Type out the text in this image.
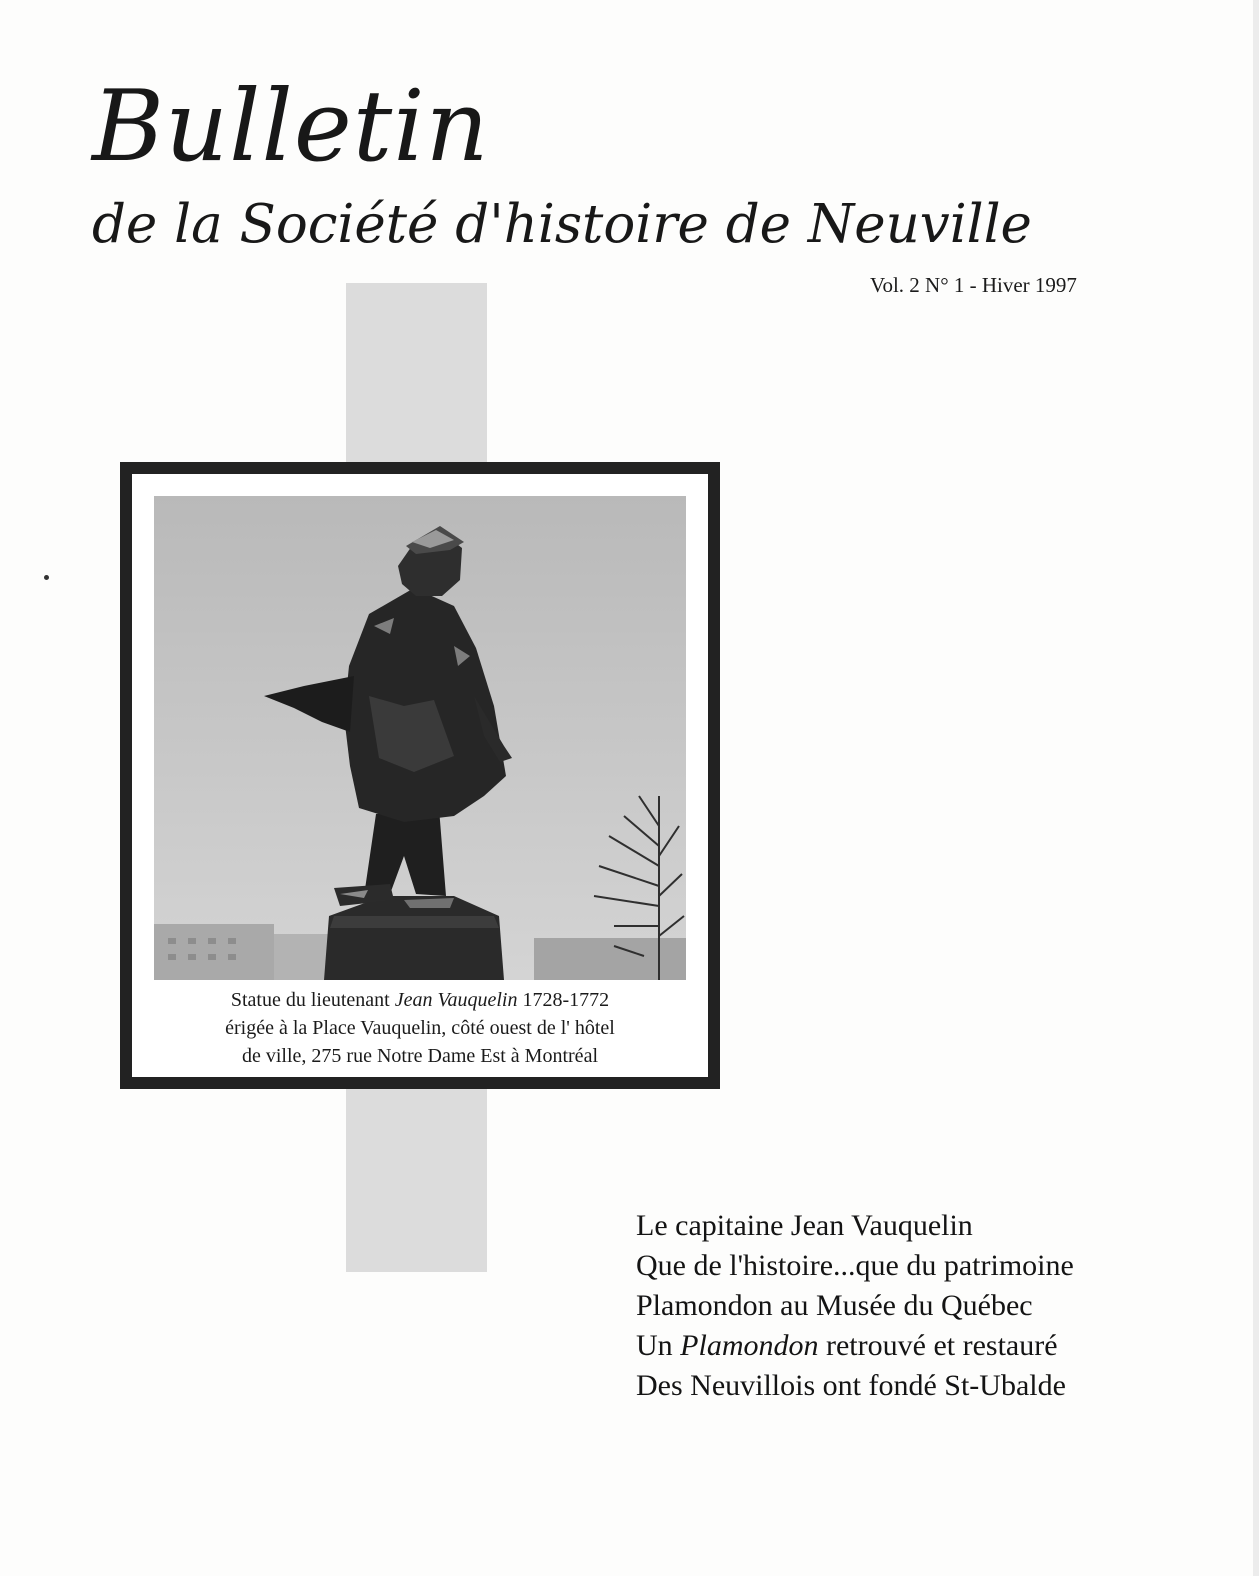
Bulletin
de la Société d'histoire de Neuville
Vol. 2 N° 1 - Hiver 1997
Statue du lieutenant Jean Vauquelin 1728-1772
érigée à la Place Vauquelin, côté ouest de l' hôtel
de ville, 275 rue Notre Dame Est à Montréal
Le capitaine Jean Vauquelin
Que de l'histoire...que du patrimoine
Plamondon au Musée du Québec
Un Plamondon retrouvé et restauré
Des Neuvillois ont fondé St-Ubalde
